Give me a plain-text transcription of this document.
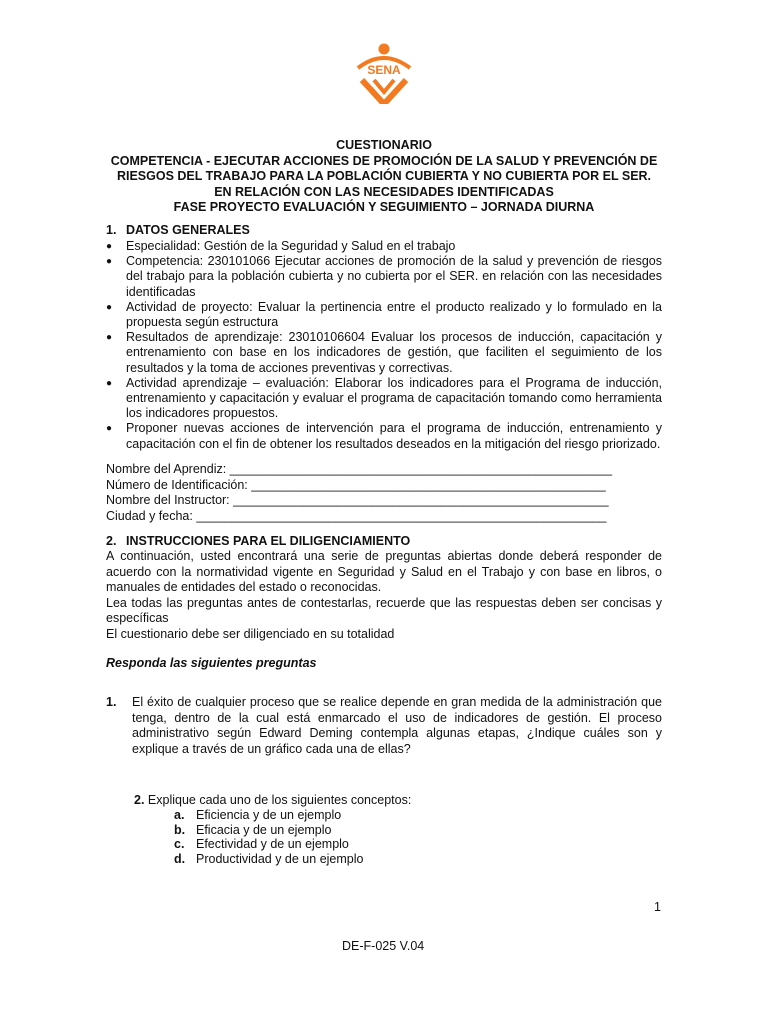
SENA
CUESTIONARIO
COMPETENCIA - EJECUTAR ACCIONES DE PROMOCIÓN DE LA SALUD Y PREVENCIÓN DE
RIESGOS DEL TRABAJO PARA LA POBLACIÓN CUBIERTA Y NO CUBIERTA POR EL SER.
EN RELACIÓN CON LAS NECESIDADES IDENTIFICADAS
FASE PROYECTO EVALUACIÓN Y SEGUIMIENTO – JORNADA DIURNA
1. DATOS GENERALES
● Especialidad: Gestión de la Seguridad y Salud en el trabajo
● Competencia: 230101066 Ejecutar acciones de promoción de la salud y prevención de riesgos del trabajo para la población cubierta y no cubierta por el SER. en relación con las necesidades identificadas
● Actividad de proyecto: Evaluar la pertinencia entre el producto realizado y lo formulado en la propuesta según estructura
● Resultados de aprendizaje: 23010106604 Evaluar los procesos de inducción, capacitación y entrenamiento con base en los indicadores de gestión, que faciliten el seguimiento de los resultados y la toma de acciones preventivas y correctivas.
● Actividad aprendizaje – evaluación: Elaborar los indicadores para el Programa de inducción, entrenamiento y capacitación y evaluar el programa de capacitación tomando como herramienta los indicadores propuestos.
● Proponer nuevas acciones de intervención para el programa de inducción, entrenamiento y capacitación con el fin de obtener los resultados deseados en la mitigación del riesgo priorizado.
Nombre del Aprendiz: _______________________________________________________
Número de Identificación: ___________________________________________________
Nombre del Instructor: ______________________________________________________
Ciudad y fecha: ___________________________________________________________
2. INSTRUCCIONES PARA EL DILIGENCIAMIENTO

A continuación, usted encontrará una serie de preguntas abiertas donde deberá responder de acuerdo con la normatividad vigente en Seguridad y Salud en el Trabajo y con base en libros, o manuales de entidades del estado o reconocidas.

Lea todas las preguntas antes de contestarlas, recuerde que las respuestas deben ser concisas y específicas

El cuestionario debe ser diligenciado en su totalidad

Responda las siguientes preguntas
1. El éxito de cualquier proceso que se realice depende en gran medida de la administración que tenga, dentro de la cual está enmarcado el uso de indicadores de gestión. El proceso administrativo según Edward Deming contempla algunas etapas, ¿Indique cuáles son y explique a través de un gráfico cada una de ellas?
2. Explique cada uno de los siguientes conceptos:
a. Eficiencia y de un ejemplo
b. Eficacia y de un ejemplo
c. Efectividad y de un ejemplo
d. Productividad y de un ejemplo
1
DE-F-025 V.04
